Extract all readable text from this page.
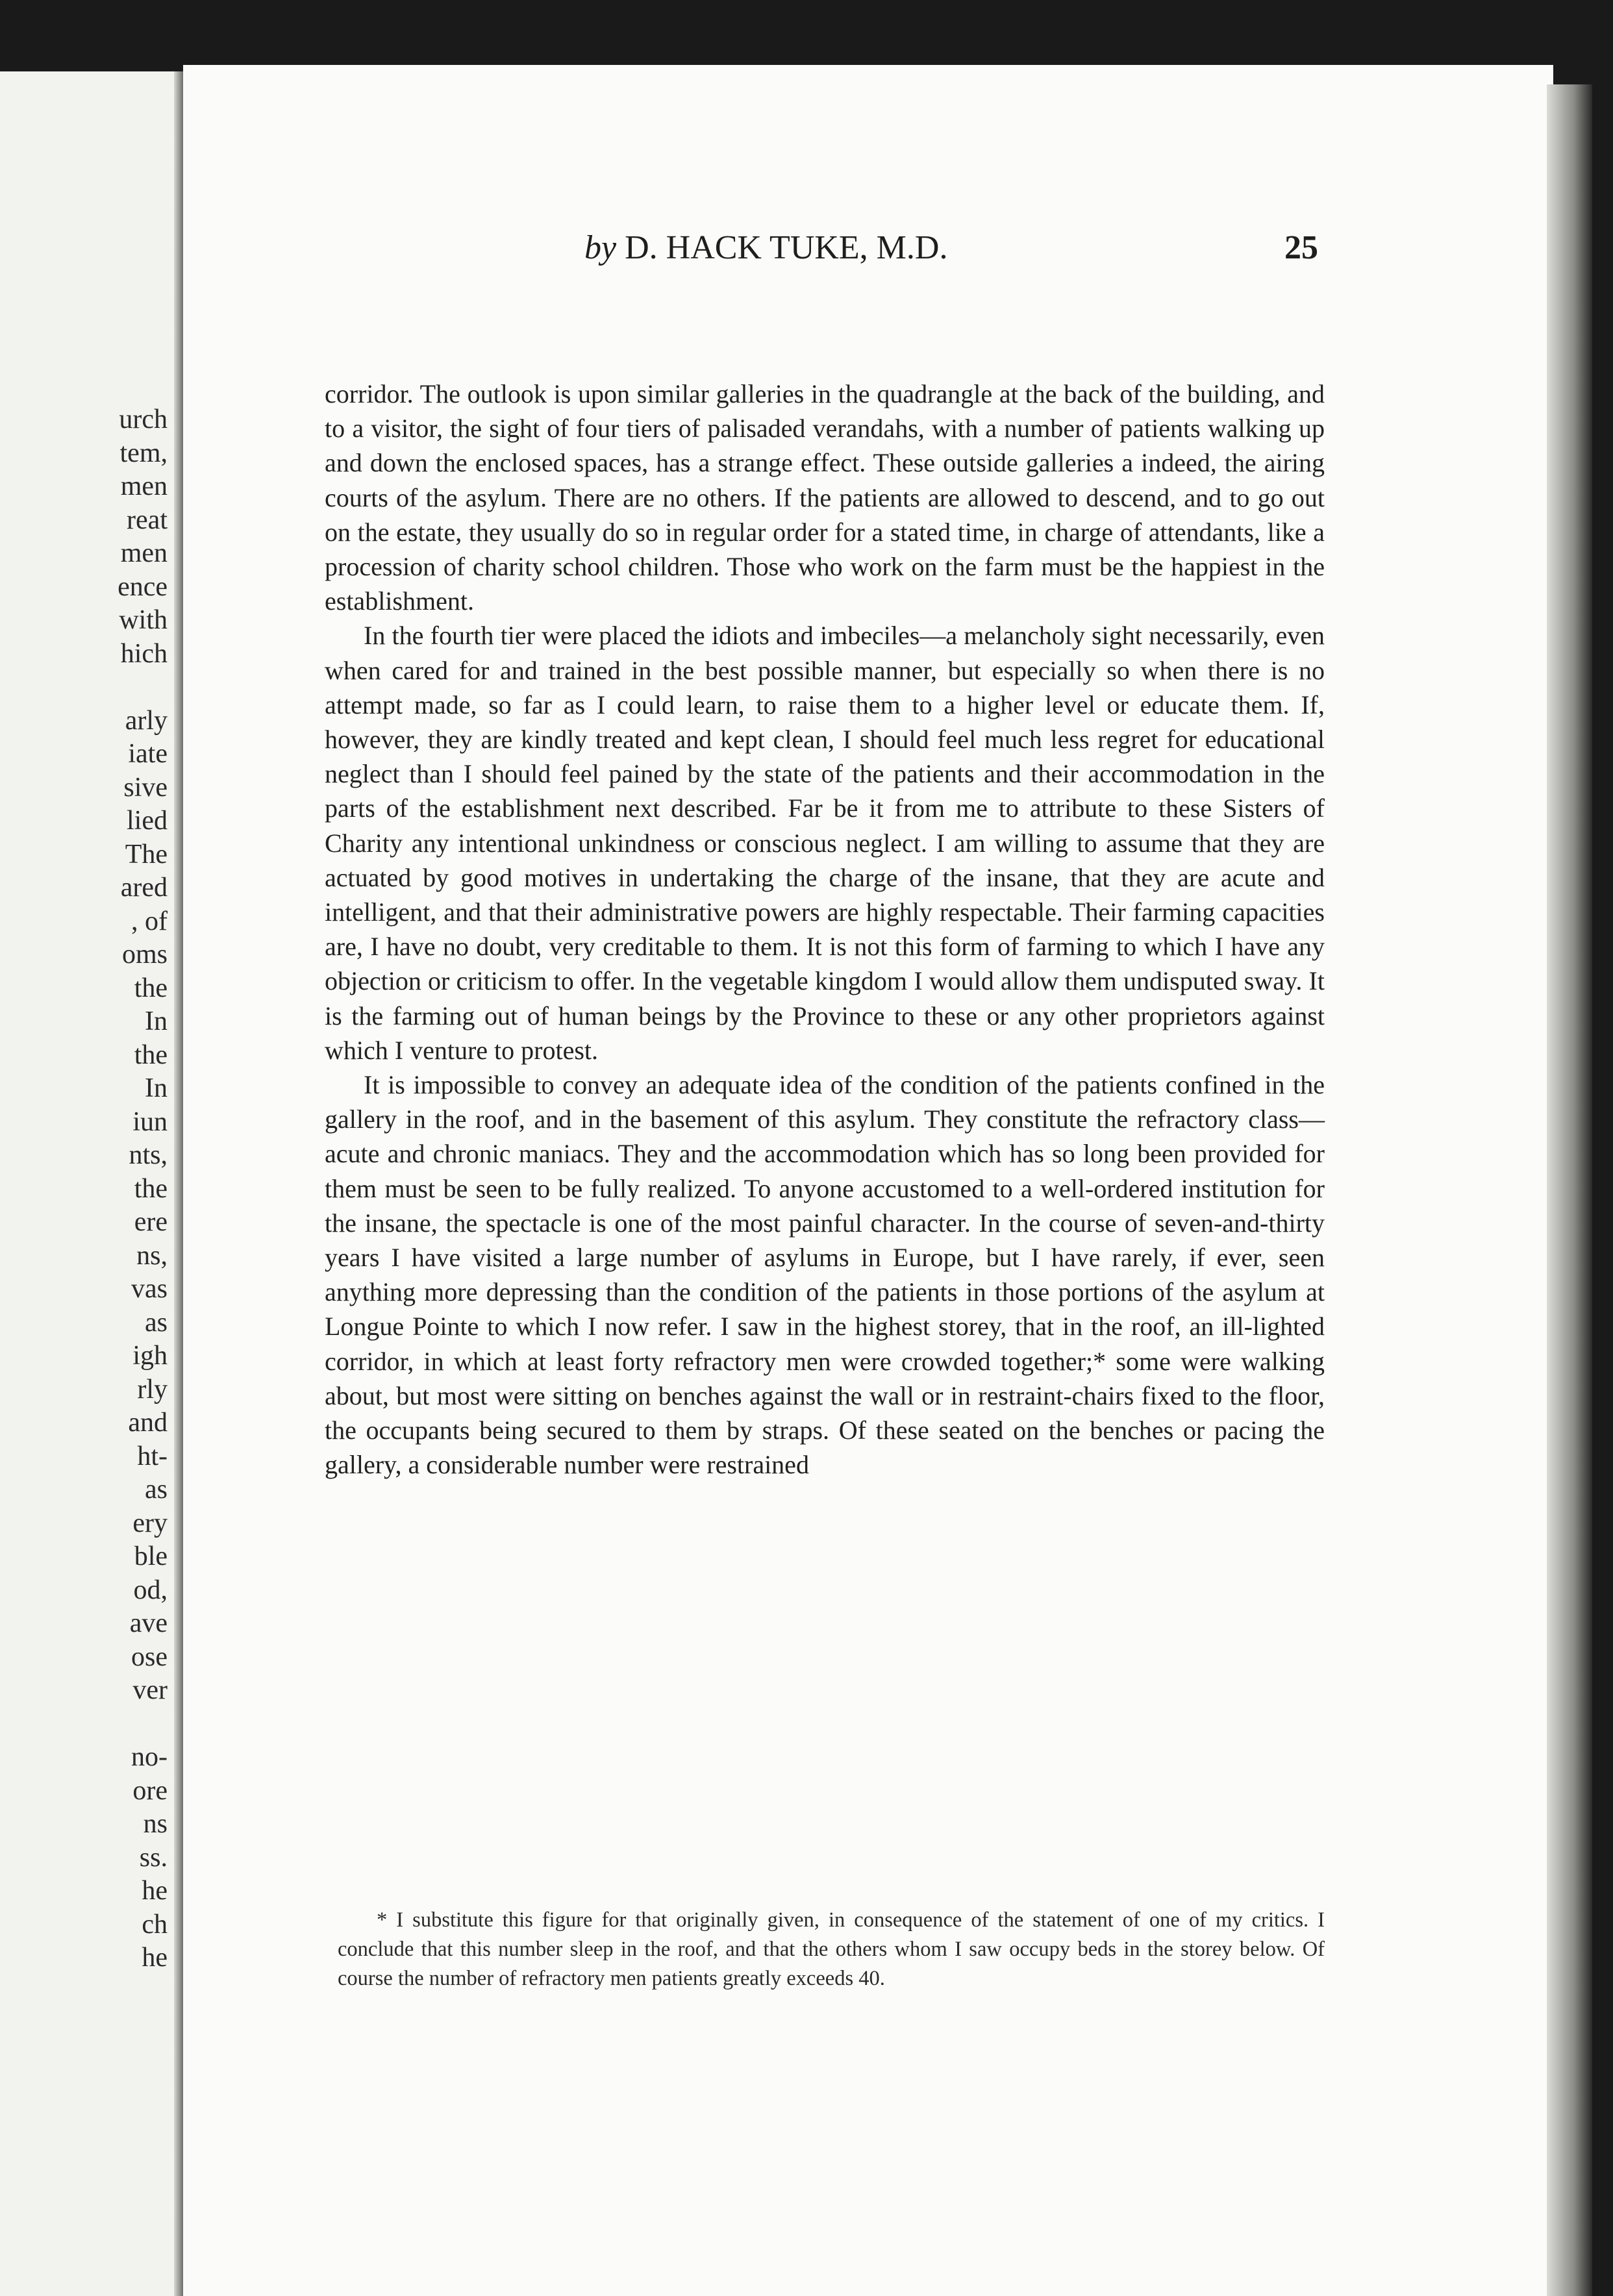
urch
tem,
men
reat
men
ence
with
hich
arly
iate
sive
lied
The
ared
, of
oms
the
In
the
In
iun
nts,
the
ere
ns,
vas
as
igh
rly
and
ht-
as
ery
ble
od,
ave
ose
ver
no-
ore
ns
ss.
he
ch
he
by D. HACK TUKE, M.D.	25

corridor. The outlook is upon similar galleries in the quadrangle at the back of the building, and to a visitor, the sight of four tiers of palisaded verandahs, with a number of patients walking up and down the enclosed spaces, has a strange effect. These outside galleries a indeed, the airing courts of the asylum. There are no others. If the patients are allowed to descend, and to go out on the estate, they usually do so in regular order for a stated time, in charge of attendants, like a procession of charity school children. Those who work on the farm must be the happiest in the establishment.

In the fourth tier were placed the idiots and imbeciles—a melancholy sight necessarily, even when cared for and trained in the best possible manner, but especially so when there is no attempt made, so far as I could learn, to raise them to a higher level or educate them. If, however, they are kindly treated and kept clean, I should feel much less regret for educational neglect than I should feel pained by the state of the patients and their accommodation in the parts of the establishment next described. Far be it from me to attribute to these Sisters of Charity any intentional unkindness or conscious neglect. I am willing to assume that they are actuated by good motives in undertaking the charge of the insane, that they are acute and intelligent, and that their administrative powers are highly respectable. Their farming capacities are, I have no doubt, very creditable to them. It is not this form of farming to which I have any objection or criticism to offer. In the vegetable kingdom I would allow them undisputed sway. It is the farming out of human beings by the Province to these or any other proprietors against which I venture to protest.

It is impossible to convey an adequate idea of the condition of the patients confined in the gallery in the roof, and in the basement of this asylum. They constitute the refractory class—acute and chronic maniacs. They and the accommodation which has so long been provided for them must be seen to be fully realized. To anyone accustomed to a well-ordered institution for the insane, the spectacle is one of the most painful character. In the course of seven-and-thirty years I have visited a large number of asylums in Europe, but I have rarely, if ever, seen anything more depressing than the condition of the patients in those portions of the asylum at Longue Pointe to which I now refer. I saw in the highest storey, that in the roof, an ill-lighted corridor, in which at least forty refractory men were crowded together;* some were walking about, but most were sitting on benches against the wall or in restraint-chairs fixed to the floor, the occupants being secured to them by straps. Of these seated on the benches or pacing the gallery, a considerable number were restrained

* I substitute this figure for that originally given, in consequence of the statement of one of my critics. I conclude that this number sleep in the roof, and that the others whom I saw occupy beds in the storey below. Of course the number of refractory men patients greatly exceeds 40.
